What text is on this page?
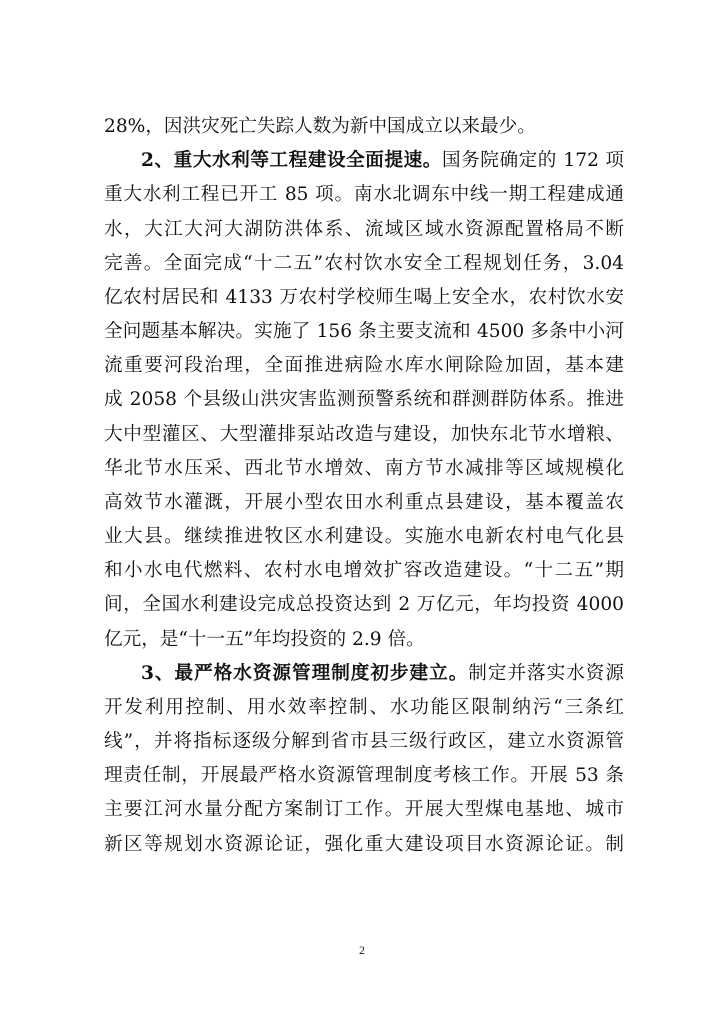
28%，因洪灾死亡失踪人数为新中国成立以来最少。
2、重大水利等工程建设全面提速。国务院确定的 172 项
重大水利工程已开工 85 项。南水北调东中线一期工程建成通
水，大江大河大湖防洪体系、流域区域水资源配置格局不断
完善。全面完成“十二五”农村饮水安全工程规划任务，3.04
亿农村居民和 4133 万农村学校师生喝上安全水，农村饮水安
全问题基本解决。实施了 156 条主要支流和 4500 多条中小河
流重要河段治理，全面推进病险水库水闸除险加固，基本建
成 2058 个县级山洪灾害监测预警系统和群测群防体系。推进
大中型灌区、大型灌排泵站改造与建设，加快东北节水增粮、
华北节水压采、西北节水增效、南方节水减排等区域规模化
高效节水灌溉，开展小型农田水利重点县建设，基本覆盖农
业大县。继续推进牧区水利建设。实施水电新农村电气化县
和小水电代燃料、农村水电增效扩容改造建设。“十二五”期
间，全国水利建设完成总投资达到 2 万亿元，年均投资 4000
亿元，是“十一五”年均投资的 2.9 倍。
3、最严格水资源管理制度初步建立。制定并落实水资源
开发利用控制、用水效率控制、水功能区限制纳污“三条红
线”，并将指标逐级分解到省市县三级行政区，建立水资源管
理责任制，开展最严格水资源管理制度考核工作。开展 53 条
主要江河水量分配方案制订工作。开展大型煤电基地、城市
新区等规划水资源论证，强化重大建设项目水资源论证。制
2
